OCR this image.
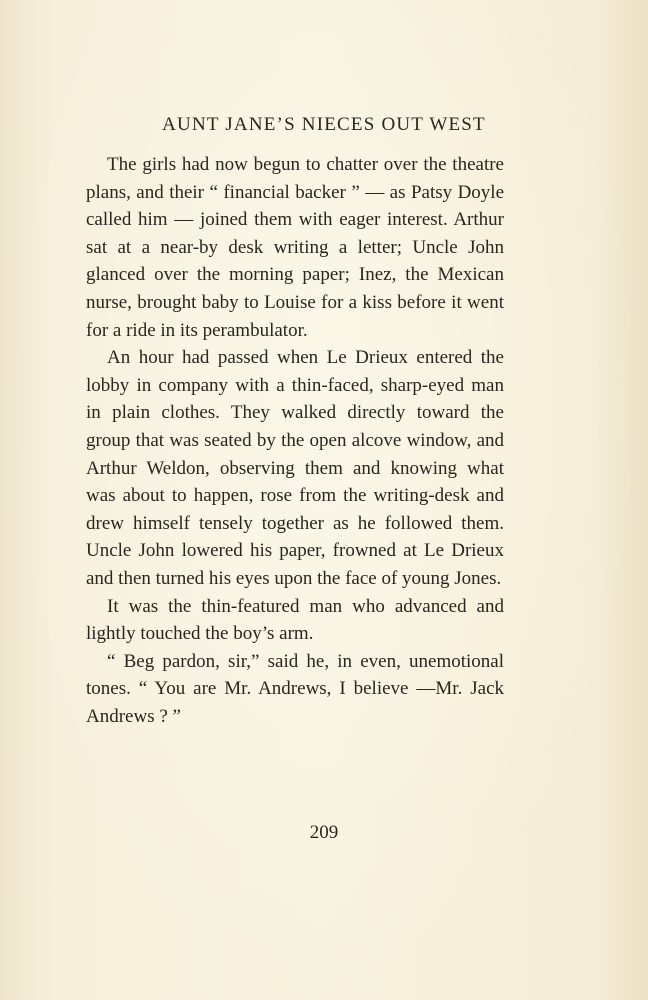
AUNT JANE’S NIECES OUT WEST

The girls had now begun to chatter over the theatre plans, and their “ financial backer ” — as Patsy Doyle called him — joined them with eager interest. Arthur sat at a near-by desk writing a letter; Uncle John glanced over the morning paper; Inez, the Mexican nurse, brought baby to Louise for a kiss before it went for a ride in its perambulator.

An hour had passed when Le Drieux entered the lobby in company with a thin-faced, sharp-eyed man in plain clothes. They walked directly toward the group that was seated by the open alcove window, and Arthur Weldon, observing them and knowing what was about to happen, rose from the writing-desk and drew himself tensely together as he followed them. Uncle John lowered his paper, frowned at Le Drieux and then turned his eyes upon the face of young Jones.

It was the thin-featured man who advanced and lightly touched the boy’s arm.

“ Beg pardon, sir,” said he, in even, unemotional tones. “ You are Mr. Andrews, I believe —Mr. Jack Andrews ? ”

209
